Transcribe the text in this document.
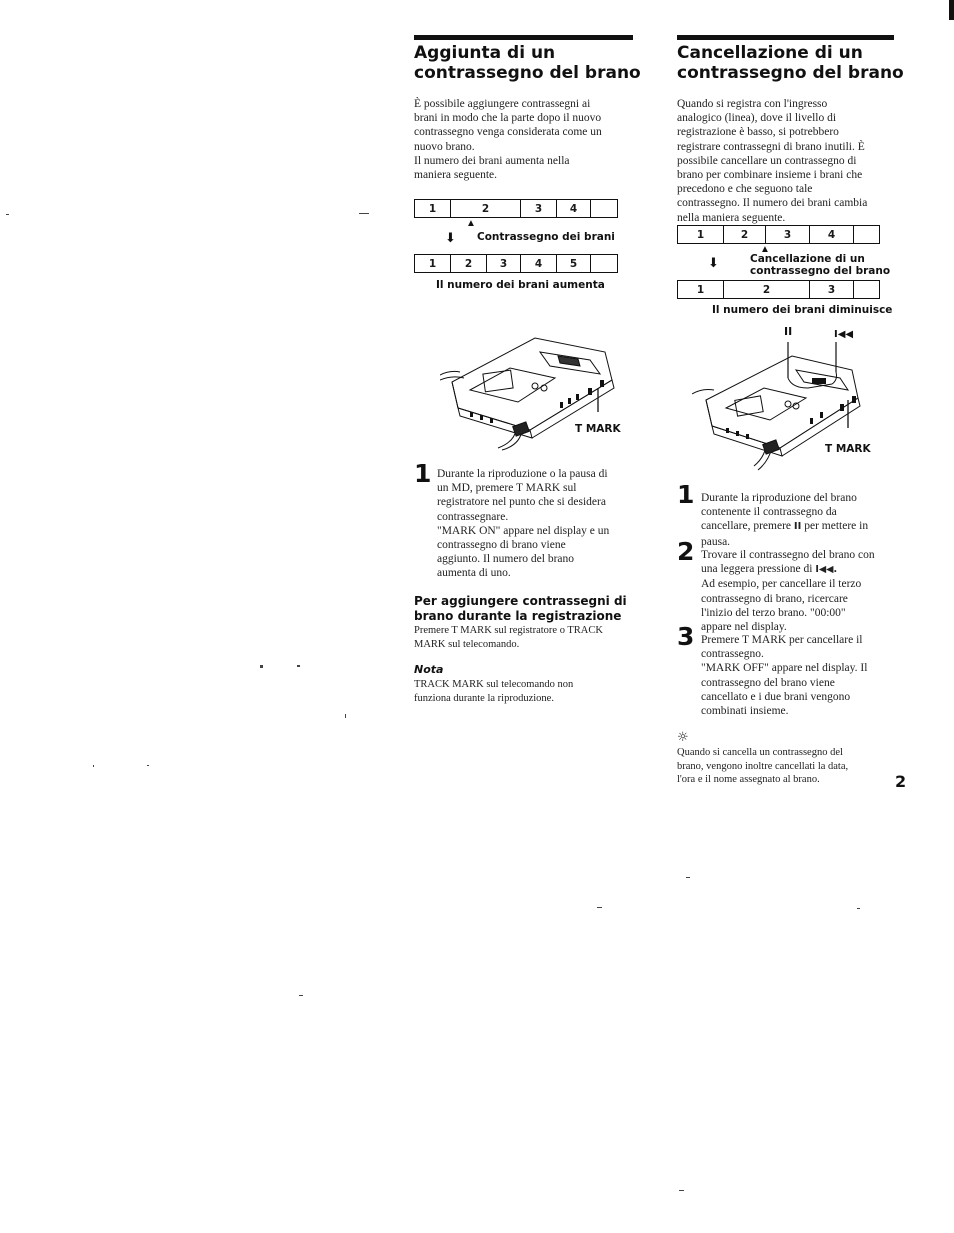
Aggiunta di un
contrassegno del brano

È possibile aggiungere contrassegni ai

brani in modo che la parte dopo il nuovo

contrassegno venga considerata come un

nuovo brano.

Il numero dei brani aumenta nella

maniera seguente.

1	2	3	4
▲
⬇ Contrassegno dei brani
1	2	3	4	5
Il numero dei brani aumenta
T MARK
1 Durante la riproduzione o la pausa di

un MD, premere T MARK sul

registratore nel punto che si desidera

contrassegnare.

"MARK ON" appare nel display e un

contrassegno di brano viene

aggiunto. Il numero del brano

aumenta di uno.

Per aggiungere contrassegni di
brano durante la registrazione

Premere T MARK sul registratore o TRACK

MARK sul telecomando.

Nota

TRACK MARK sul telecomando non

funziona durante la riproduzione.

Cancellazione di un
contrassegno del brano

Quando si registra con l'ingresso

analogico (linea), dove il livello di

registrazione è basso, si potrebbero

registrare contrassegni di brano inutili. È

possibile cancellare un contrassegno di

brano per combinare insieme i brani che

precedono e che seguono tale

contrassegno. Il numero dei brani cambia

nella maniera seguente.

1	2	3	4
▲
⬇	Cancellazione di un
contrassegno del brano
1	2	3
Il numero dei brani diminuisce
II	I◀◀
T MARK
1 Durante la riproduzione del brano

contenente il contrassegno da

cancellare, premere II per mettere in

pausa.

2 Trovare il contrassegno del brano con

una leggera pressione di I◀◀.

Ad esempio, per cancellare il terzo

contrassegno di brano, ricercare

l'inizio del terzo brano. "00:00"

appare nel display.

3 Premere T MARK per cancellare il

contrassegno.

"MARK OFF" appare nel display. Il

contrassegno del brano viene

cancellato e i due brani vengono

combinati insieme.

☼

Quando si cancella un contrassegno del

brano, vengono inoltre cancellati la data,

l'ora e il nome assegnato al brano.	2
